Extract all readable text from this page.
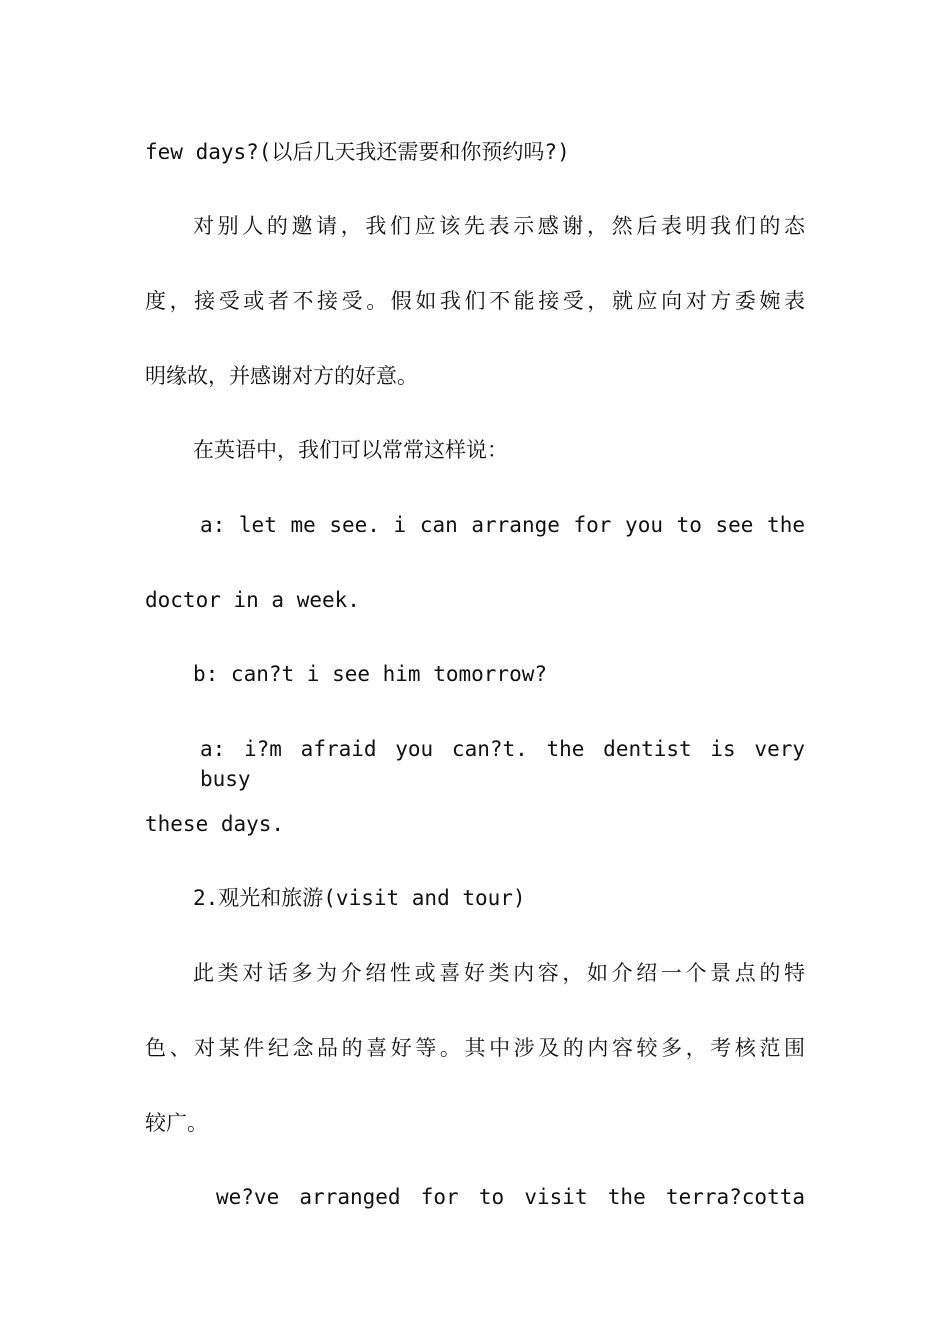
few days?(以后几天我还需要和你预约吗?)
对别人的邀请，我们应该先表示感谢，然后表明我们的态
度，接受或者不接受。假如我们不能接受，就应向对方委婉表
明缘故，并感谢对方的好意。
在英语中，我们可以常常这样说：
a: let me see. i can arrange for you to see the
doctor in a week.
b: can?t i see him tomorrow?
a: i?m afraid you can?t. the dentist is very busy
these days.
2.观光和旅游(visit and tour)
此类对话多为介绍性或喜好类内容，如介绍一个景点的特
色、对某件纪念品的喜好等。其中涉及的内容较多，考核范围
较广。
we?ve arranged for to visit the terra?cotta
